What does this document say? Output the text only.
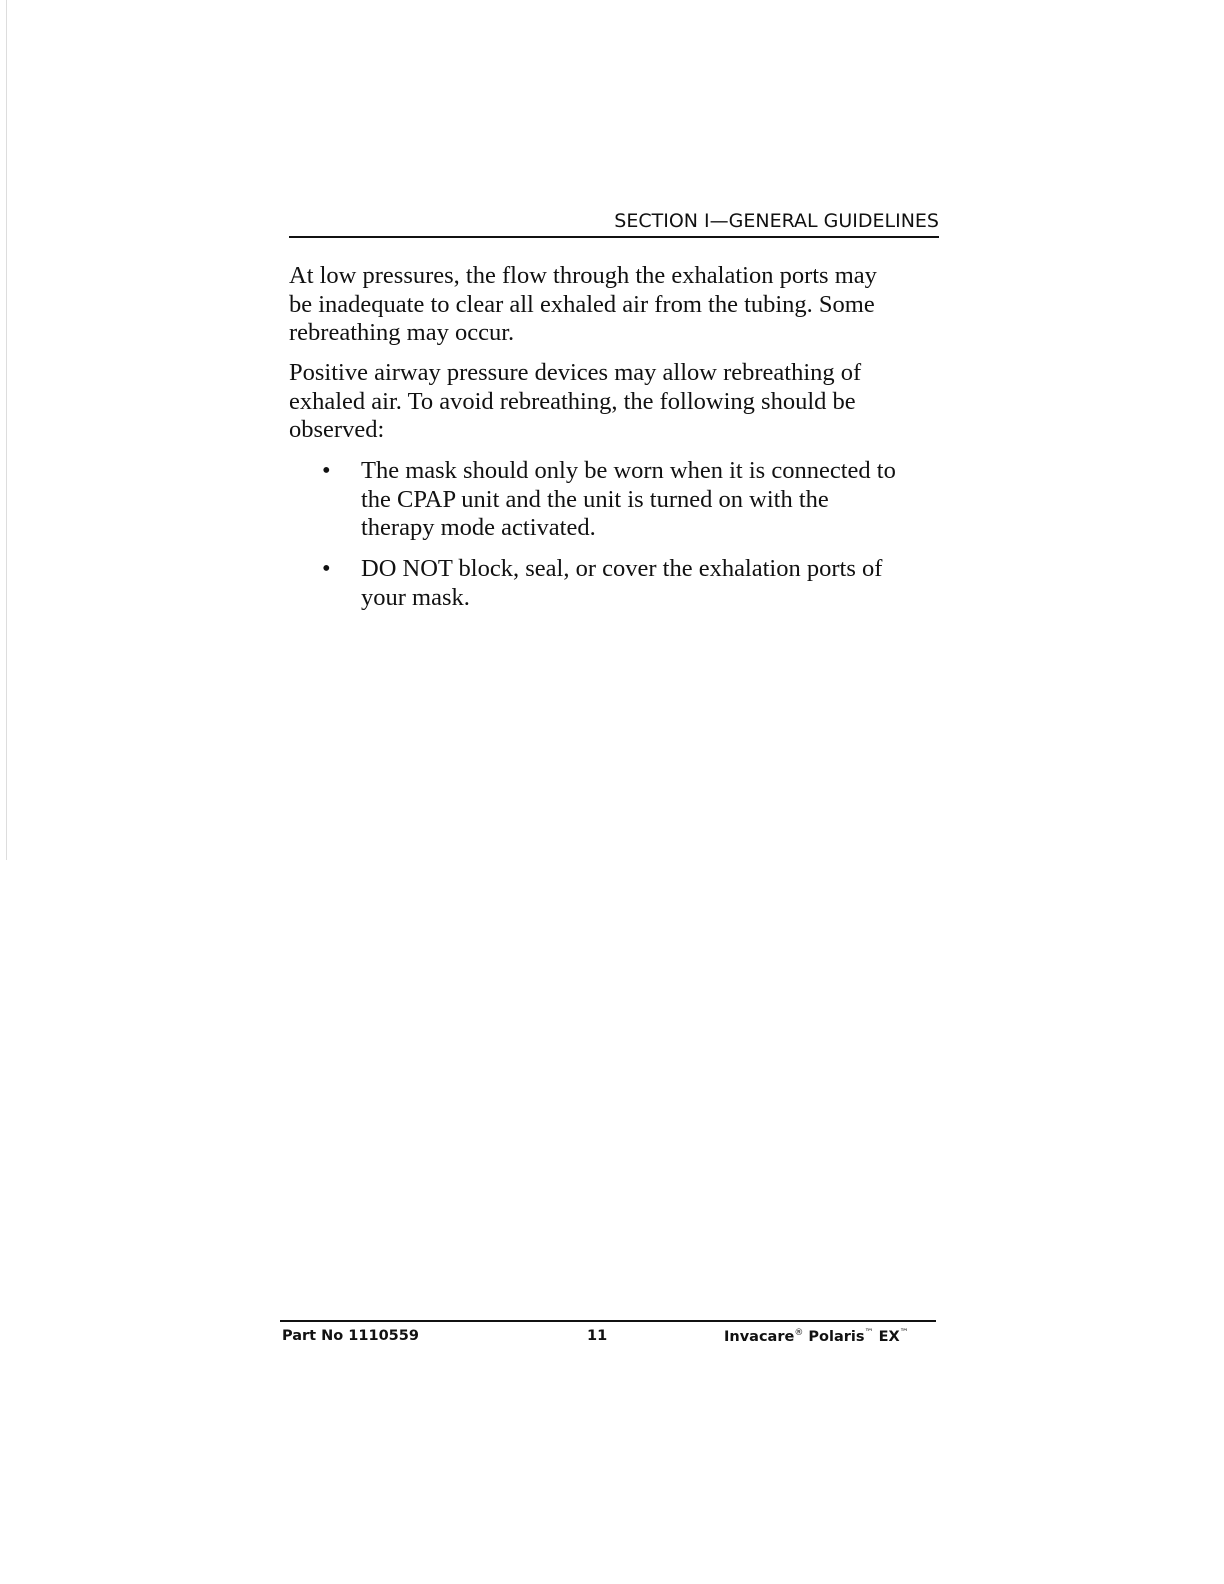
SECTION I—GENERAL GUIDELINES
At low pressures, the flow through the exhalation ports may
be inadequate to clear all exhaled air from the tubing. Some
rebreathing may occur.
Positive airway pressure devices may allow rebreathing of
exhaled air. To avoid rebreathing, the following should be
observed:
• The mask should only be worn when it is connected to
the CPAP unit and the unit is turned on with the
therapy mode activated.
• DO NOT block, seal, or cover the exhalation ports of
your mask.
Part No 1110559	11	Invacare® Polaris™ EX™
